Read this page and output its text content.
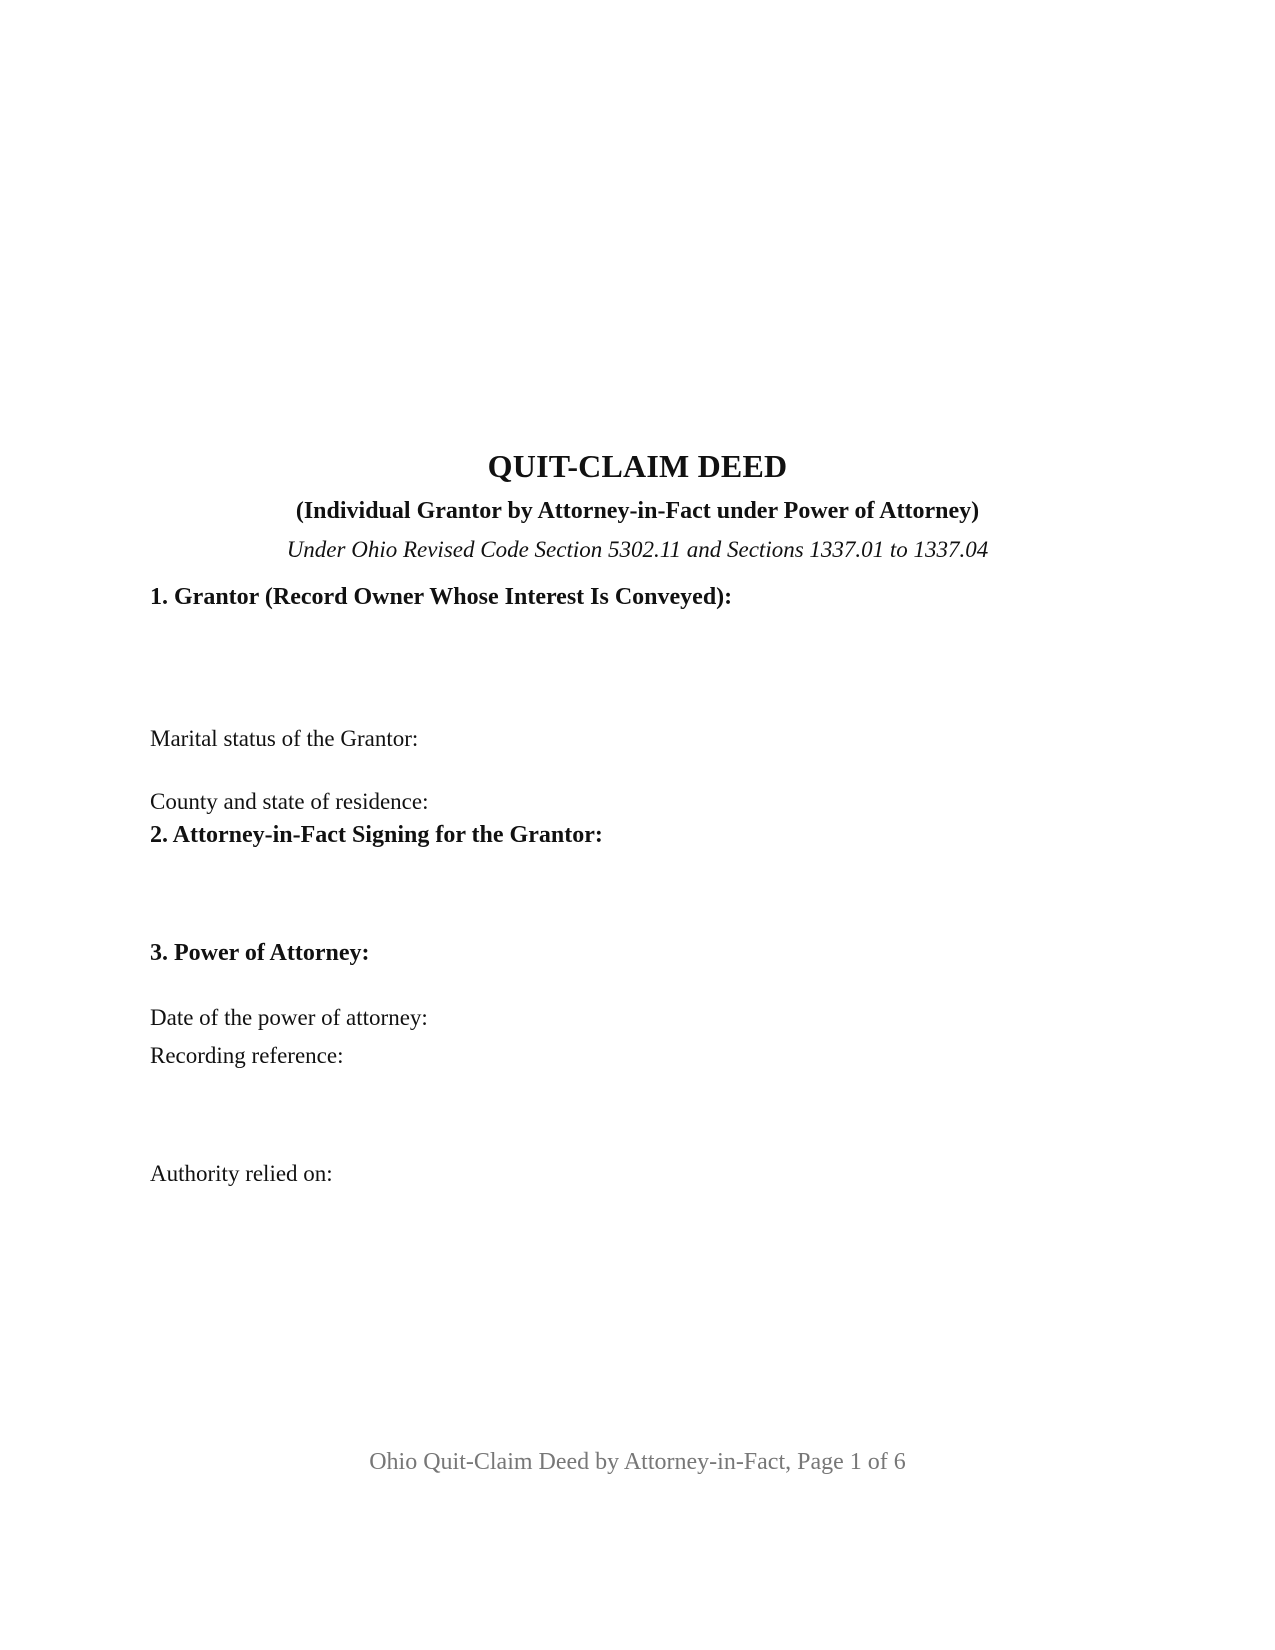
QUIT-CLAIM DEED
(Individual Grantor by Attorney-in-Fact under Power of Attorney)
Under Ohio Revised Code Section 5302.11 and Sections 1337.01 to 1337.04
1. Grantor (Record Owner Whose Interest Is Conveyed):
Marital status of the Grantor:
County and state of residence:
2. Attorney-in-Fact Signing for the Grantor:
3. Power of Attorney:
Date of the power of attorney:
Recording reference:
Authority relied on:
Ohio Quit-Claim Deed by Attorney-in-Fact, Page 1 of 6
